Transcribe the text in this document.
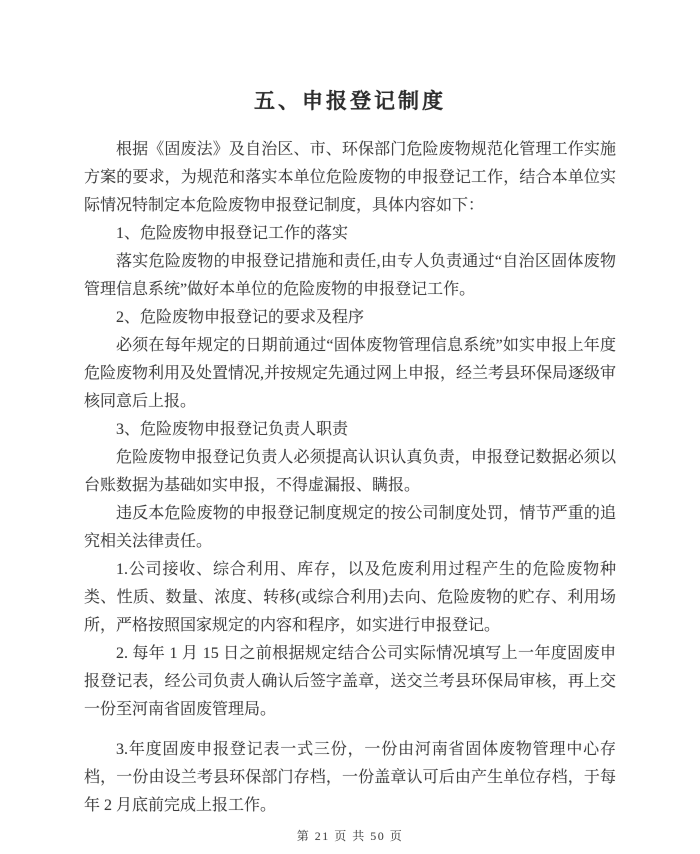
五、申报登记制度

根据《固废法》及自治区、市、环保部门危险废物规范化管理工作实施方案的要求，为规范和落实本单位危险废物的申报登记工作，结合本单位实际情况特制定本危险废物申报登记制度，具体内容如下：

1、危险废物申报登记工作的落实

落实危险废物的申报登记措施和责任,由专人负责通过“自治区固体废物管理信息系统”做好本单位的危险废物的申报登记工作。

2、危险废物申报登记的要求及程序

必须在每年规定的日期前通过“固体废物管理信息系统”如实申报上年度危险废物利用及处置情况,并按规定先通过网上申报，经兰考县环保局逐级审核同意后上报。

3、危险废物申报登记负责人职责

危险废物申报登记负责人必须提高认识认真负责，申报登记数据必须以台账数据为基础如实申报，不得虚漏报、瞒报。

违反本危险废物的申报登记制度规定的按公司制度处罚，情节严重的追究相关法律责任。

1.公司接收、综合利用、库存，以及危废利用过程产生的危险废物种类、性质、数量、浓度、转移(或综合利用)去向、危险废物的贮存、利用场所，严格按照国家规定的内容和程序，如实进行申报登记。

2. 每年 1 月 15 日之前根据规定结合公司实际情况填写上一年度固废申报登记表，经公司负责人确认后签字盖章，送交兰考县环保局审核，再上交一份至河南省固废管理局。

3.年度固废申报登记表一式三份，一份由河南省固体废物管理中心存档，一份由设兰考县环保部门存档，一份盖章认可后由产生单位存档，于每年 2 月底前完成上报工作。

第 21 页 共 50 页
